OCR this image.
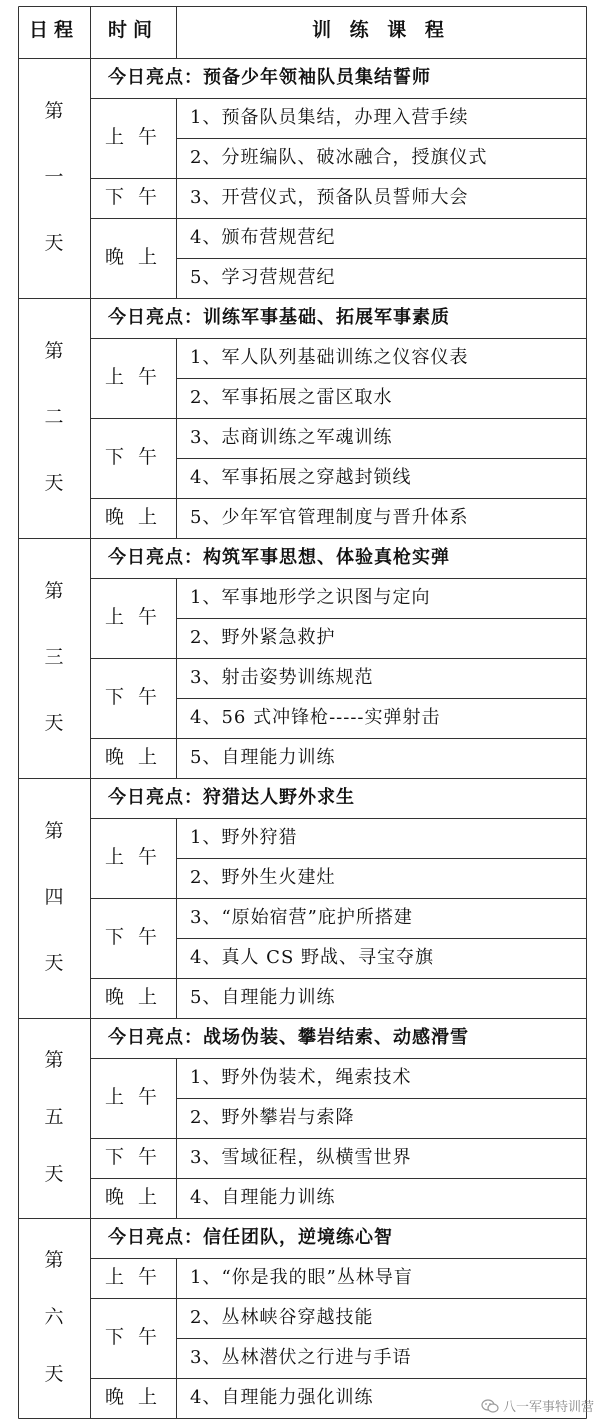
日程	时间	训 练 课 程
今日亮点：预备少年领袖队员集结誓师
1、预备队员集结，办理入营手续
2、分班编队、破冰融合，授旗仪式
上 午
3、开营仪式，预备队员誓师大会
下 午
4、颁布营规营纪
5、学习营规营纪
晚 上
第
一
天
今日亮点：训练军事基础、拓展军事素质
1、军人队列基础训练之仪容仪表
2、军事拓展之雷区取水
上 午
3、志商训练之军魂训练
4、军事拓展之穿越封锁线
下 午
5、少年军官管理制度与晋升体系
晚 上
第
二
天
今日亮点：构筑军事思想、体验真枪实弹
1、军事地形学之识图与定向
2、野外紧急救护
上 午
3、射击姿势训练规范
4、56 式冲锋枪-----实弹射击
下 午
5、自理能力训练
晚 上
第
三
天
今日亮点：狩猎达人野外求生
1、野外狩猎
2、野外生火建灶
上 午
3、“原始宿营”庇护所搭建
4、真人 CS 野战、寻宝夺旗
下 午
5、自理能力训练
晚 上
第
四
天
今日亮点：战场伪装、攀岩结索、动感滑雪
1、野外伪装术，绳索技术
2、野外攀岩与索降
上 午
3、雪域征程，纵横雪世界
下 午
4、自理能力训练
晚 上
第
五
天
今日亮点：信任团队，逆境练心智
1、“你是我的眼”丛林导盲
上 午
2、丛林峡谷穿越技能
3、丛林潜伏之行进与手语
下 午
4、自理能力强化训练
晚 上
第
六
天
八一军事特训营
